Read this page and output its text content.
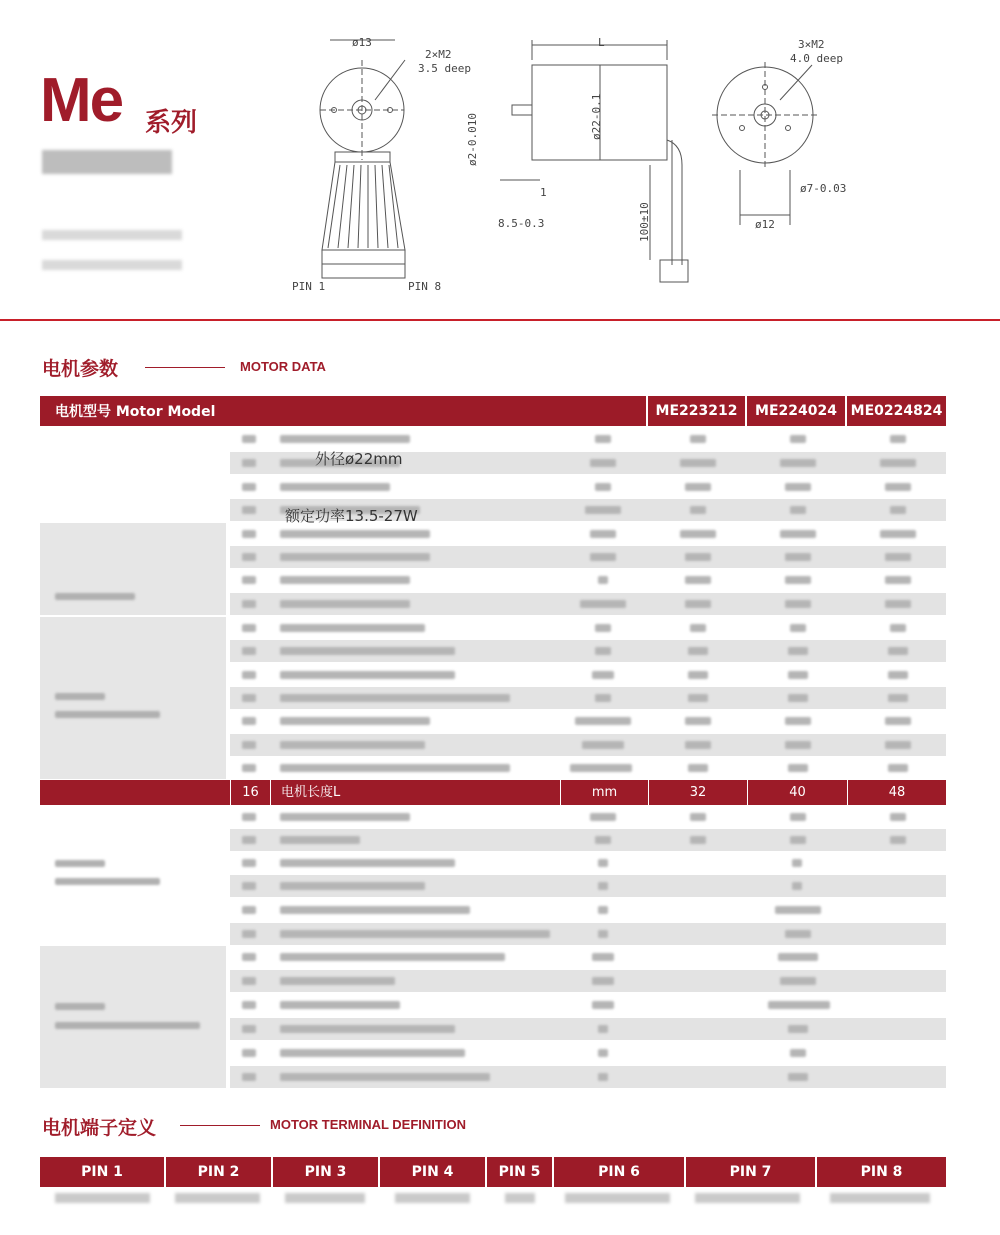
Me 系列
ø13
2×M2
3.5 deep
L	3×M2
4.0 deep
ø22-0.1
ø2-0.010
8.5-0.3
1
100±10
ø7-0.03
ø12
PIN 1	PIN 8
电机参数	MOTOR DATA
电机型号 Motor Model	ME223212	ME224024 ME0224824
16	电机长度L	mm	32	40	48
外径ø22mm
额定功率13.5-27W
电机端子定义	MOTOR TERMINAL DEFINITION
PIN 1	PIN 2	PIN 3	PIN 4	PIN 5	PIN 6	PIN 7	PIN 8
